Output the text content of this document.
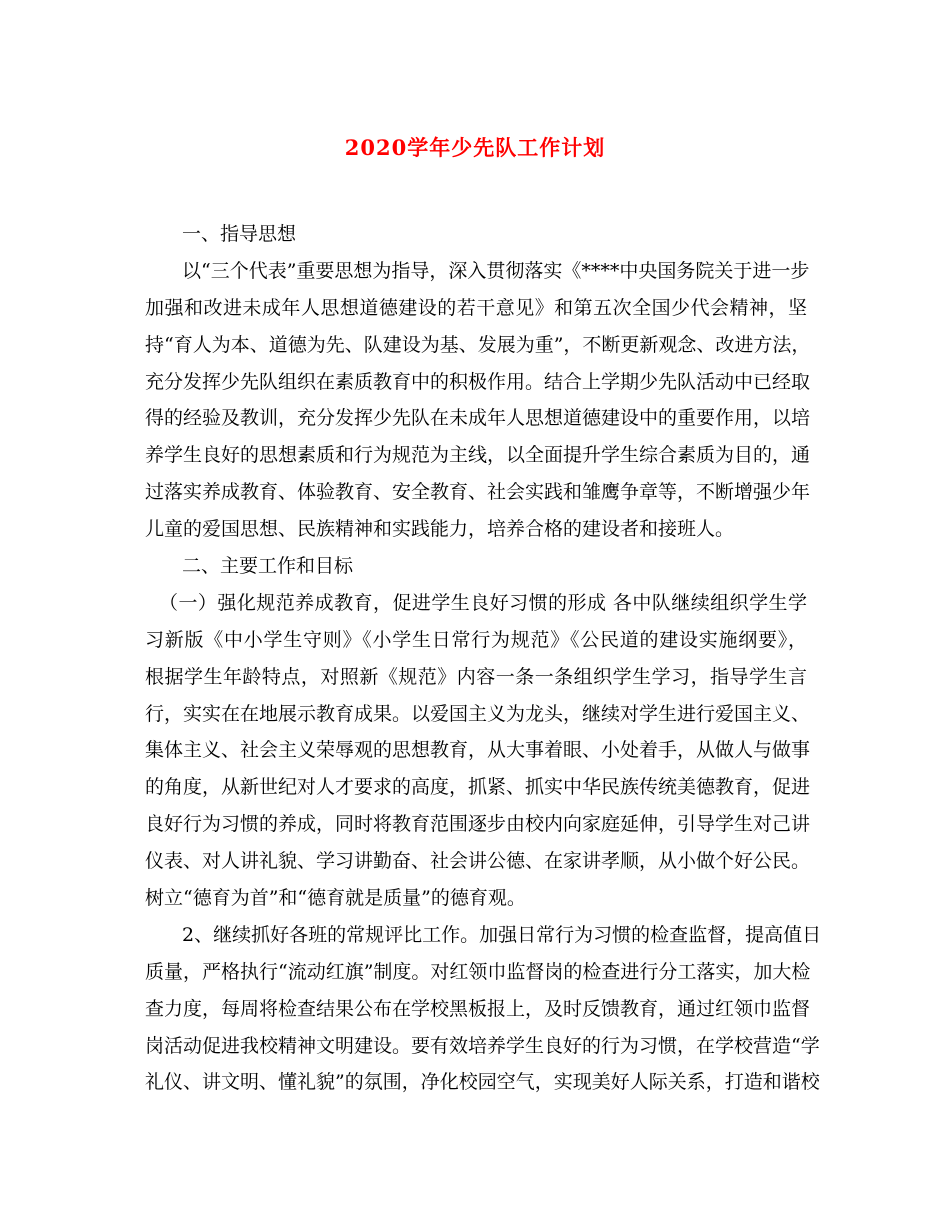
2020学年少先队工作计划
一、指导思想
以“三个代表”重要思想为指导，深入贯彻落实《****中央国务院关于进一步
加强和改进未成年人思想道德建设的若干意见》和第五次全国少代会精神，坚
持“育人为本、道德为先、队建设为基、发展为重”，不断更新观念、改进方法，
充分发挥少先队组织在素质教育中的积极作用。结合上学期少先队活动中已经取
得的经验及教训，充分发挥少先队在未成年人思想道德建设中的重要作用，以培
养学生良好的思想素质和行为规范为主线，以全面提升学生综合素质为目的，通
过落实养成教育、体验教育、安全教育、社会实践和雏鹰争章等，不断增强少年
儿童的爱国思想、民族精神和实践能力，培养合格的建设者和接班人。
二、主要工作和目标
（一）强化规范养成教育，促进学生良好习惯的形成 各中队继续组织学生学
习新版《中小学生守则》《小学生日常行为规范》《公民道的建设实施纲要》，
根据学生年龄特点，对照新《规范》内容一条一条组织学生学习，指导学生言
行，实实在在地展示教育成果。以爱国主义为龙头，继续对学生进行爱国主义、
集体主义、社会主义荣辱观的思想教育，从大事着眼、小处着手，从做人与做事
的角度，从新世纪对人才要求的高度，抓紧、抓实中华民族传统美德教育，促进
良好行为习惯的养成，同时将教育范围逐步由校内向家庭延伸，引导学生对己讲
仪表、对人讲礼貌、学习讲勤奋、社会讲公德、在家讲孝顺，从小做个好公民。
树立“德育为首”和“德育就是质量”的德育观。
2、继续抓好各班的常规评比工作。加强日常行为习惯的检查监督，提高值日
质量，严格执行“流动红旗”制度。对红领巾监督岗的检查进行分工落实，加大检
查力度，每周将检查结果公布在学校黑板报上，及时反馈教育，通过红领巾监督
岗活动促进我校精神文明建设。要有效培养学生良好的行为习惯，在学校营造“学
礼仪、讲文明、懂礼貌”的氛围，净化校园空气，实现美好人际关系，打造和谐校
